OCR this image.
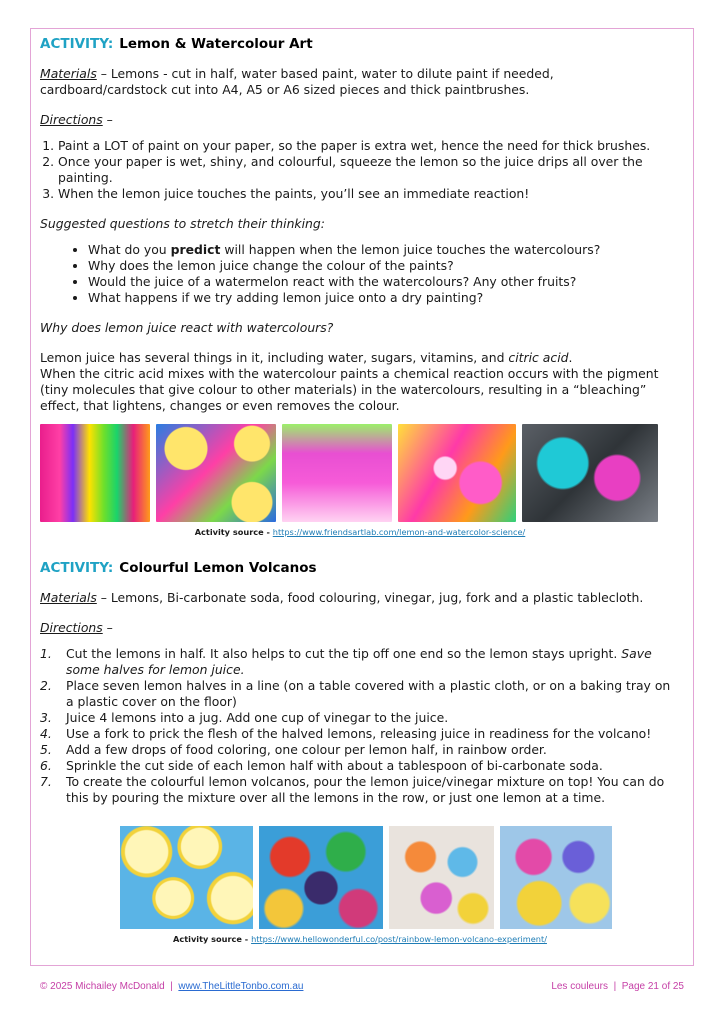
ACTIVITY: Lemon & Watercolour Art

Materials – Lemons - cut in half, water based paint, water to dilute paint if needed, cardboard/cardstock cut into A4, A5 or A6 sized pieces and thick paintbrushes.

Directions –

1. Paint a LOT of paint on your paper, so the paper is extra wet, hence the need for thick brushes.
2. Once your paper is wet, shiny, and colourful, squeeze the lemon so the juice drips all over the painting.
3. When the lemon juice touches the paints, you’ll see an immediate reaction!

Suggested questions to stretch their thinking:

• What do you predict will happen when the lemon juice touches the watercolours?
• Why does the lemon juice change the colour of the paints?
• Would the juice of a watermelon react with the watercolours? Any other fruits?
• What happens if we try adding lemon juice onto a dry painting?

Why does lemon juice react with watercolours?

Lemon juice has several things in it, including water, sugars, vitamins, and citric acid.

When the citric acid mixes with the watercolour paints a chemical reaction occurs with the pigment (tiny molecules that give colour to other materials) in the watercolours, resulting in a “bleaching” effect, that lightens, changes or even removes the colour.

Activity source - https://www.friendsartlab.com/lemon-and-watercolor-science/
ACTIVITY: Colourful Lemon Volcanos

Materials – Lemons, Bi-carbonate soda, food colouring, vinegar, jug, fork and a plastic tablecloth.

Directions –

1. Cut the lemons in half. It also helps to cut the tip off one end so the lemon stays upright. Save some halves for lemon juice.
2. Place seven lemon halves in a line (on a table covered with a plastic cloth, or on a baking tray on a plastic cover on the floor)
3. Juice 4 lemons into a jug. Add one cup of vinegar to the juice.
4. Use a fork to prick the flesh of the halved lemons, releasing juice in readiness for the volcano!
5. Add a few drops of food coloring, one colour per lemon half, in rainbow order.
6. Sprinkle the cut side of each lemon half with about a tablespoon of bi-carbonate soda.
7. To create the colourful lemon volcanos, pour the lemon juice/vinegar mixture on top! You can do this by pouring the mixture over all the lemons in the row, or just one lemon at a time.
Activity source - https://www.hellowonderful.co/post/rainbow-lemon-volcano-experiment/
© 2025 Michailey McDonald | www.TheLittleTonbo.com.au	Les couleurs  |  Page 21 of 25
